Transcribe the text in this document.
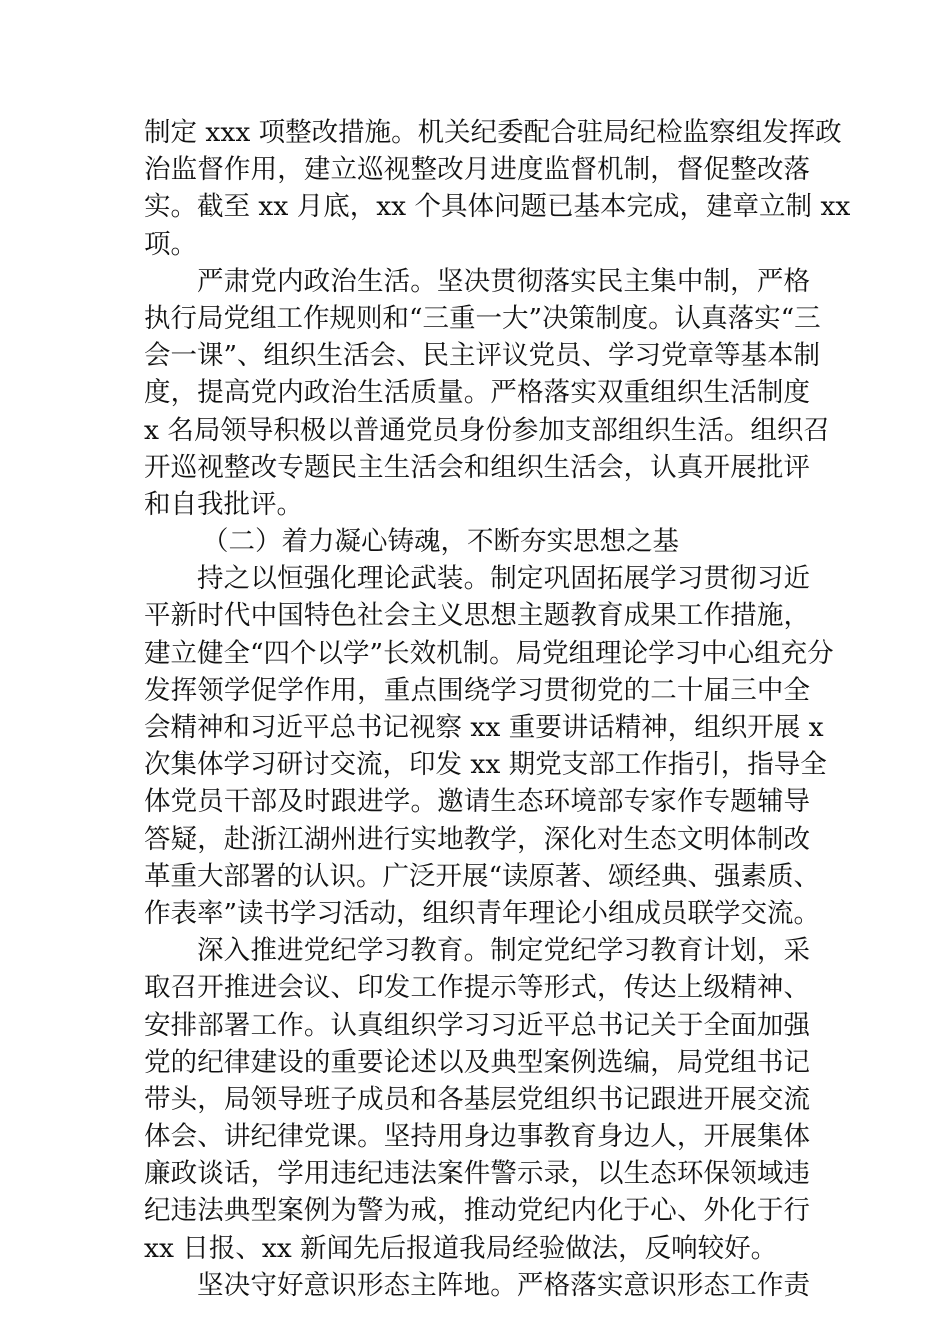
制定 xxx 项整改措施。机关纪委配合驻局纪检监察组发挥政
治监督作用，建立巡视整改月进度监督机制，督促整改落
实。截至 xx 月底，xx 个具体问题已基本完成，建章立制 xx
项。
严肃党内政治生活。坚决贯彻落实民主集中制，严格
执行局党组工作规则和“三重一大”决策制度。认真落实“三
会一课”、组织生活会、民主评议党员、学习党章等基本制
度，提高党内政治生活质量。严格落实双重组织生活制度
x 名局领导积极以普通党员身份参加支部组织生活。组织召
开巡视整改专题民主生活会和组织生活会，认真开展批评
和自我批评。
（二）着力凝心铸魂，不断夯实思想之基
持之以恒强化理论武装。制定巩固拓展学习贯彻习近
平新时代中国特色社会主义思想主题教育成果工作措施，
建立健全“四个以学”长效机制。局党组理论学习中心组充分
发挥领学促学作用，重点围绕学习贯彻党的二十届三中全
会精神和习近平总书记视察 xx 重要讲话精神，组织开展 x
次集体学习研讨交流，印发 xx 期党支部工作指引，指导全
体党员干部及时跟进学。邀请生态环境部专家作专题辅导
答疑，赴浙江湖州进行实地教学，深化对生态文明体制改
革重大部署的认识。广泛开展“读原著、颂经典、强素质、
作表率”读书学习活动，组织青年理论小组成员联学交流。
深入推进党纪学习教育。制定党纪学习教育计划，采
取召开推进会议、印发工作提示等形式，传达上级精神、
安排部署工作。认真组织学习习近平总书记关于全面加强
党的纪律建设的重要论述以及典型案例选编，局党组书记
带头，局领导班子成员和各基层党组织书记跟进开展交流
体会、讲纪律党课。坚持用身边事教育身边人，开展集体
廉政谈话，学用违纪违法案件警示录，以生态环保领域违
纪违法典型案例为警为戒，推动党纪内化于心、外化于行
xx 日报、xx 新闻先后报道我局经验做法，反响较好。
坚决守好意识形态主阵地。严格落实意识形态工作责
